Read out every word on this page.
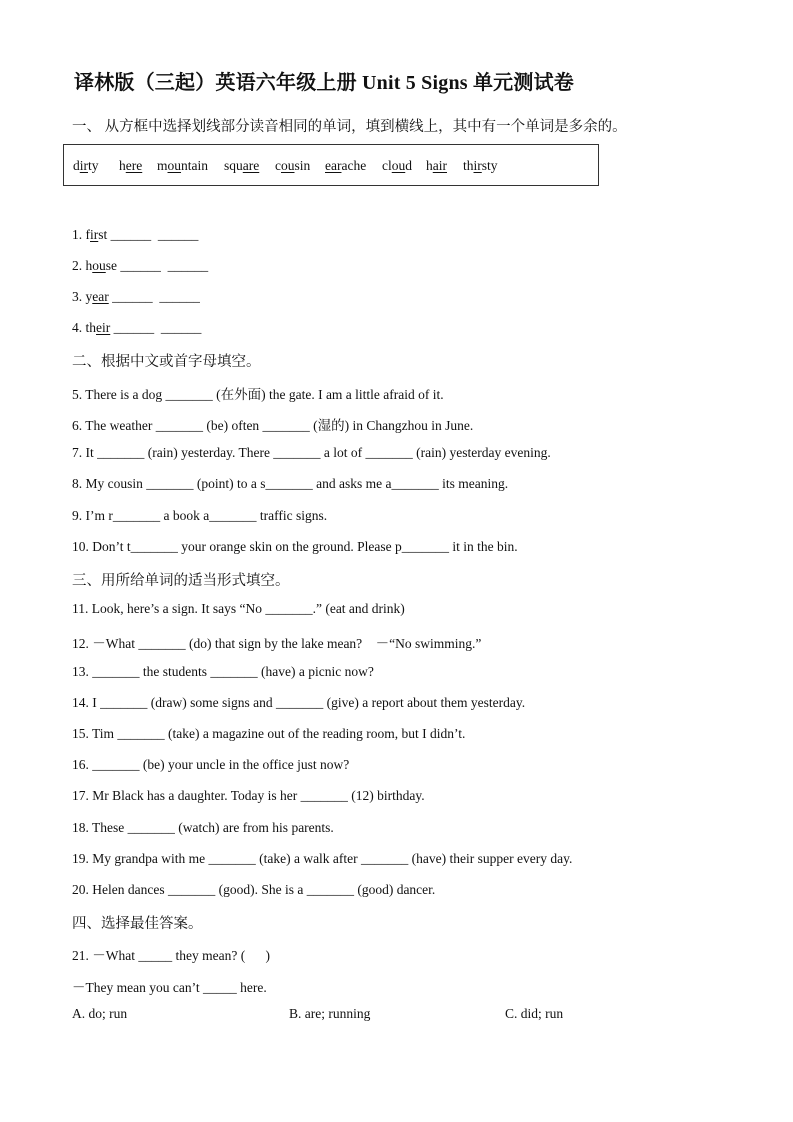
译林版（三起）英语六年级上册 Unit 5 Signs 单元测试卷
一、 从方框中选择划线部分读音相同的单词，填到横线上，其中有一个单词是多余的。
dirty here mountain square cousin earache cloud hair thirsty
1. first ______  ______
2. house ______  ______
3. year ______  ______
4. their ______  ______
二、根据中文或首字母填空。
5. There is a dog _______ (在外面) the gate. I am a little afraid of it.
6. The weather _______ (be) often _______ (湿的) in Changzhou in June.
7. It _______ (rain) yesterday. There _______ a lot of _______ (rain) yesterday evening.
8. My cousin _______ (point) to a s_______ and asks me a_______ its meaning.
9. I’m r_______ a book a_______ traffic signs.
10. Don’t t_______ your orange skin on the ground. Please p_______ it in the bin.
三、用所给单词的适当形式填空。
11. Look, here’s a sign. It says “No _______.” (eat and drink)
12. －What _______ (do) that sign by the lake mean?    －“No swimming.”
13. _______ the students _______ (have) a picnic now?
14. I _______ (draw) some signs and _______ (give) a report about them yesterday.
15. Tim _______ (take) a magazine out of the reading room, but I didn’t.
16. _______ (be) your uncle in the office just now?
17. Mr Black has a daughter. Today is her _______ (12) birthday.
18. These _______ (watch) are from his parents.
19. My grandpa with me _______ (take) a walk after _______ (have) their supper every day.
20. Helen dances _______ (good). She is a _______ (good) dancer.
四、选择最佳答案。
21. －What _____ they mean? (      )
－They mean you can’t _____ here.
A. do; run	B. are; running	C. did; run
